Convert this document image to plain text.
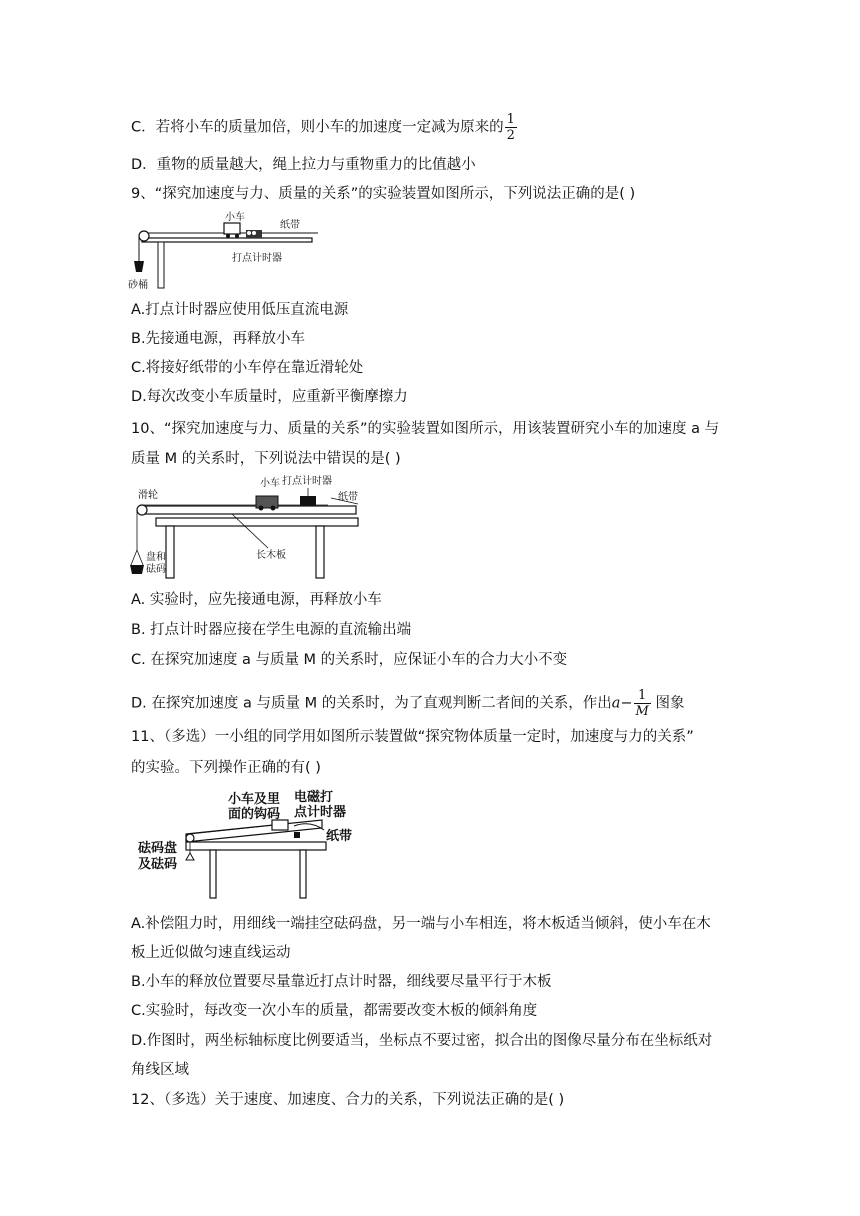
C．若将小车的质量加倍，则小车的加速度一定减为原来的 $\frac{1}{2}$
D．重物的质量越大，绳上拉力与重物重力的比值越小
9、“探究加速度与力、质量的关系”的实验装置如图所示，下列说法正确的是( )
小车
纸带
打点计时器
砂桶
A.打点计时器应使用低压直流电源
B.先接通电源，再释放小车
C.将接好纸带的小车停在靠近滑轮处
D.每次改变小车质量时，应重新平衡摩擦力
10、“探究加速度与力、质量的关系”的实验装置如图所示，用该装置研究小车的加速度 a 与
质量 M 的关系时，下列说法中错误的是( )
滑轮
小车 打点计时器
纸带
长木板
盘和
砝码
A. 实验时，应先接通电源，再释放小车
B. 打点计时器应接在学生电源的直流输出端
C. 在探究加速度 a 与质量 M 的关系时，应保证小车的合力大小不变
D. 在探究加速度 a 与质量 M 的关系时，为了直观判断二者间的关系，作出$a- \frac{1}{M}$ 图象
11、（多选）一小组的同学用如图所示装置做“探究物体质量一定时，加速度与力的关系”
的实验。下列操作正确的有( )
小车及里
面的钩码
电磁打
点计时器
纸带
砝码盘
及砝码
A.补偿阻力时，用细线一端挂空砝码盘，另一端与小车相连，将木板适当倾斜，使小车在木
板上近似做匀速直线运动
B.小车的释放位置要尽量靠近打点计时器，细线要尽量平行于木板
C.实验时，每改变一次小车的质量，都需要改变木板的倾斜角度
D.作图时，两坐标轴标度比例要适当，坐标点不要过密，拟合出的图像尽量分布在坐标纸对
角线区域
12、（多选）关于速度、加速度、合力的关系，下列说法正确的是( )
